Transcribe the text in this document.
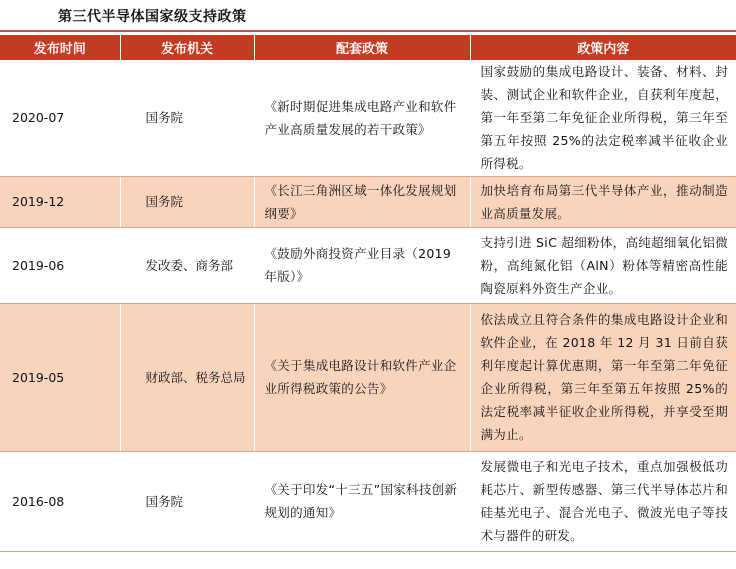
第三代半导体国家级支持政策
发布时间	发布机关	配套政策	政策内容
2020-07	国务院	《新时期促进集成电路产业和软件产业高质量发展的若干政策》	国家鼓励的集成电路设计、装备、材料、封装、测试企业和软件企业，自获利年度起，第一年至第二年免征企业所得税，第三年至第五年按照 25%的法定税率减半征收企业所得税。
2019-12	国务院	《长江三角洲区域一体化发展规划纲要》	加快培育布局第三代半导体产业，推动制造业高质量发展。
2019-06	发改委、商务部	《鼓励外商投资产业目录（2019 年版）》	支持引进 SiC 超细粉体，高纯超细氧化铝微粉，高纯氮化铝（AlN）粉体等精密高性能陶瓷原料外资生产企业。
2019-05	财政部、税务总局	《关于集成电路设计和软件产业企业所得税政策的公告》	依法成立且符合条件的集成电路设计企业和软件企业，在 2018 年 12 月 31 日前自获利年度起计算优惠期，第一年至第二年免征企业所得税，第三年至第五年按照 25%的法定税率减半征收企业所得税，并享受至期满为止。
2016-08	国务院	《关于印发“十三五”国家科技创新规划的通知》	发展微电子和光电子技术，重点加强极低功耗芯片、新型传感器、第三代半导体芯片和硅基光电子、混合光电子、微波光电子等技术与器件的研发。
